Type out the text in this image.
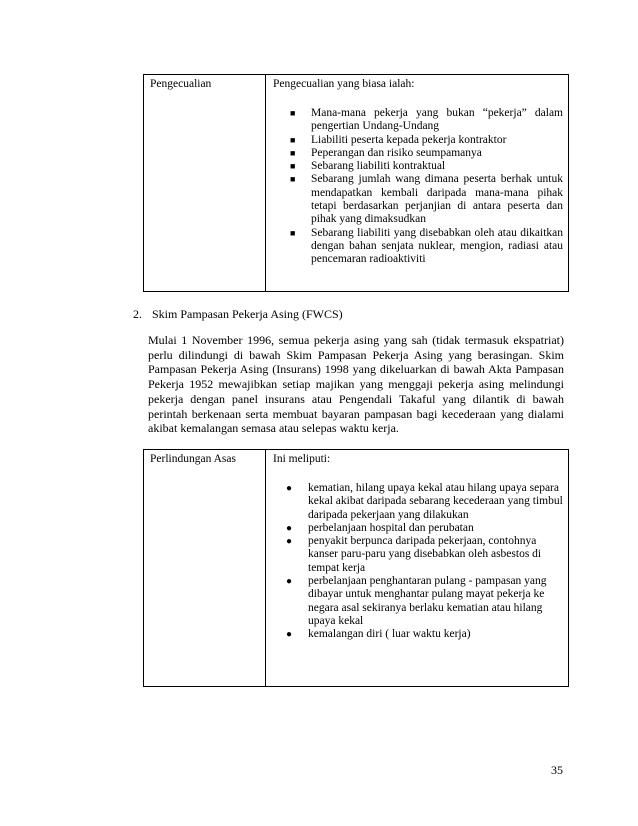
Pengecualian	Pengecualian yang biasa ialah:
■ Mana-mana pekerja yang bukan “pekerja” dalam pengertian Undang-Undang
■ Liabiliti peserta kepada pekerja kontraktor
■ Peperangan dan risiko seumpamanya
■ Sebarang liabiliti kontraktual
■ Sebarang jumlah wang dimana peserta berhak untuk mendapatkan kembali daripada mana-mana pihak tetapi berdasarkan perjanjian di antara peserta dan pihak yang dimaksudkan
■ Sebarang liabiliti yang disebabkan oleh atau dikaitkan dengan bahan senjata nuklear, mengion, radiasi atau pencemaran radioaktiviti
2. Skim Pampasan Pekerja Asing (FWCS)
Mulai 1 November 1996, semua pekerja asing yang sah (tidak termasuk ekspatriat) perlu dilindungi di bawah Skim Pampasan Pekerja Asing yang berasingan. Skim Pampasan Pekerja Asing (Insurans) 1998 yang dikeluarkan di bawah Akta Pampasan Pekerja 1952 mewajibkan setiap majikan yang menggaji pekerja asing melindungi pekerja dengan panel insurans atau Pengendali Takaful yang dilantik di bawah perintah berkenaan serta membuat bayaran pampasan bagi kecederaan yang dialami akibat kemalangan semasa atau selepas waktu kerja.
Perlindungan Asas	Ini meliputi:
● kematian, hilang upaya kekal atau hilang upaya separa kekal akibat daripada sebarang kecederaan yang timbul daripada pekerjaan yang dilakukan
● perbelanjaan hospital dan perubatan
● penyakit berpunca daripada pekerjaan, contohnya kanser paru-paru yang disebabkan oleh asbestos di tempat kerja
● perbelanjaan penghantaran pulang - pampasan yang dibayar untuk menghantar pulang mayat pekerja ke negara asal sekiranya berlaku kematian atau hilang upaya kekal
● kemalangan diri ( luar waktu kerja)
35
